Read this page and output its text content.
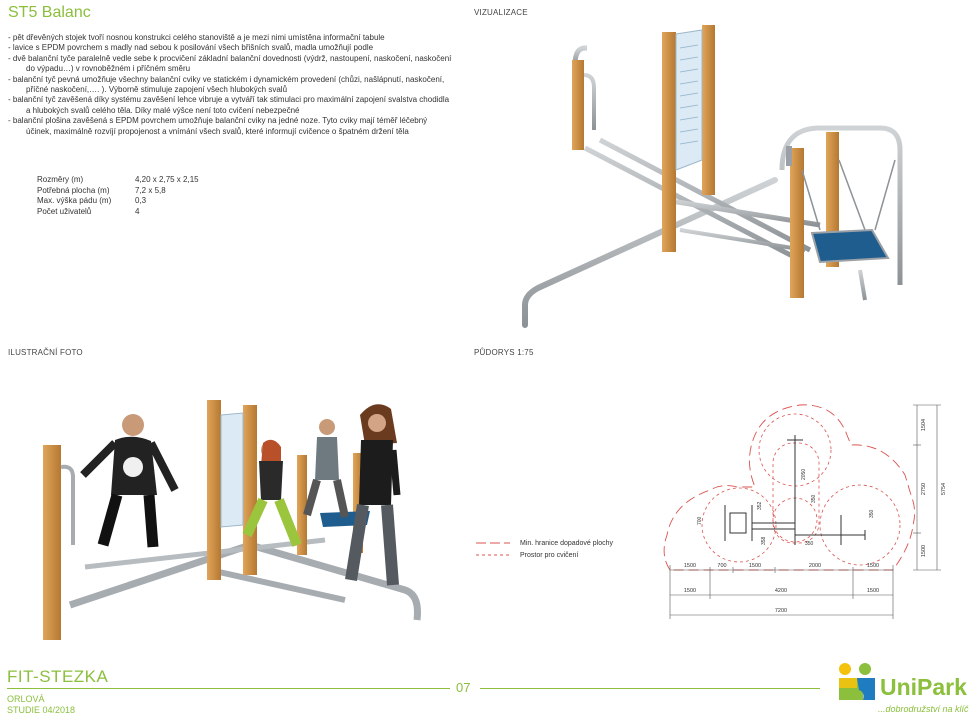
ST5 Balanc
- pět dřevěných stojek tvoří nosnou konstrukci celého stanoviště a je mezi nimi umístěna informační tabule
- lavice s EPDM povrchem s madly nad sebou k posilování všech břišních svalů, madla umožňují podle
- dvě balanční tyče paralelně vedle sebe k procvičení základní balanční dovednosti (výdrž, nastoupení, naskočení, naskočení do výpadu…) v rovnoběžném i příčném směru
- balanční tyč pevná umožňuje všechny balanční cviky ve statickém i dynamickém provedení (chůzi, našlápnutí, naskočení, příčné naskočení,…. ). Výborně stimuluje zapojení všech hlubokých svalů
- balanční tyč zavěšená díky systému zavěšení lehce vibruje a vytváří tak stimulaci pro maximální zapojení svalstva chodidla a hlubokých svalů celého těla. Díky malé výšce není toto cvičení nebezpečné
- balanční plošina zavěšená s EPDM povrchem umožňuje balanční cviky na jedné noze. Tyto cviky mají téměř léčebný účinek, maximálně rozvíjí propojenost a vnímání všech svalů, které informují cvičence o špatném držení těla
Rozměry (m)	4,20 x 2,75 x 2,15
Potřebná plocha (m)	7,2 x 5,8
Max. výška pádu (m)	0,3
Počet uživatelů	4
VIZUALIZACE
ILUSTRAČNÍ FOTO	PŮDORYS 1:75
Min. hranice dopadové plochy
Prostor pro cvičení
2050
350
352
358	350
700
350
1500	700	1500	2000	1500
1500	4200	1500
7200
1504
2750
1500
5754
FIT-STEZKA
07
ORLOVÁ
STUDIE 04/2018
UniPark
...dobrodružství na klíč
